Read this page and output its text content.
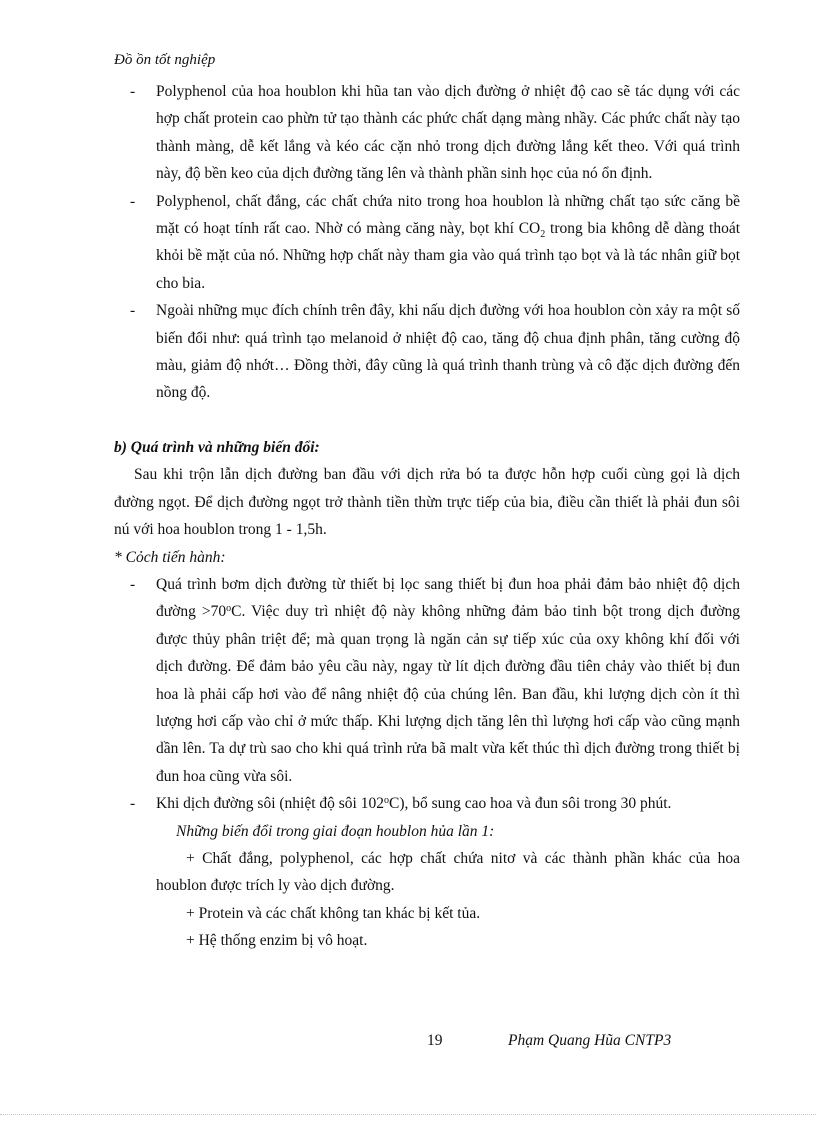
Đồ ồn tốt nghiệp
- Polyphenol của hoa houblon khi hũa tan vào dịch đường ở nhiệt độ cao sẽ tác dụng với các hợp chất protein cao phừn tử tạo thành các phức chất dạng màng nhầy. Các phức chất này tạo thành màng, dễ kết lắng và kéo các cặn nhỏ trong dịch đường lắng kết theo. Với quá trình này, độ bền keo của dịch đường tăng lên và thành phần sinh học của nó ổn định.
- Polyphenol, chất đắng, các chất chứa nito trong hoa houblon là những chất tạo sức căng bề mặt có hoạt tính rất cao. Nhờ có màng căng này, bọt khí $CO_2$ trong bia không dễ dàng thoát khỏi bề mặt của nó. Những hợp chất này tham gia vào quá trình tạo bọt và là tác nhân giữ bọt cho bia.
- Ngoài những mục đích chính trên đây, khi nấu dịch đường với hoa houblon còn xảy ra một số biến đổi như: quá trình tạo melanoid ở nhiệt độ cao, tăng độ chua định phân, tăng cường độ màu, giảm độ nhớt… Đồng thời, đây cũng là quá trình thanh trùng và cô đặc dịch đường đến nồng độ.
b) Quá trình và những biến đổi:
Sau khi trộn lẫn dịch đường ban đầu với dịch rửa bó ta được hỗn hợp cuối cùng gọi là dịch đường ngọt. Để dịch đường ngọt trở thành tiền thừn trực tiếp của bia, điều cần thiết là phải đun sôi nú với hoa houblon trong 1 - 1,5h.
* Cỏch tiến hành:
- Quá trình bơm dịch đường từ thiết bị lọc sang thiết bị đun hoa phải đảm bảo nhiệt độ dịch đường $>70^oC$. Việc duy trì nhiệt độ này không những đảm bảo tinh bột trong dịch đường được thủy phân triệt để; mà quan trọng là ngăn cản sự tiếp xúc của oxy không khí đối với dịch đường. Để đảm bảo yêu cầu này, ngay từ lít dịch đường đầu tiên chảy vào thiết bị đun hoa là phải cấp hơi vào để nâng nhiệt độ của chúng lên. Ban đầu, khi lượng dịch còn ít thì lượng hơi cấp vào chỉ ở mức thấp. Khi lượng dịch tăng lên thì lượng hơi cấp vào cũng mạnh dần lên. Ta dự trù sao cho khi quá trình rửa bã malt vừa kết thúc thì dịch đường trong thiết bị đun hoa cũng vừa sôi.
- Khi dịch đường sôi (nhiệt độ sôi 102$^o$C), bổ sung cao hoa và đun sôi trong 30 phút.
Những biến đổi trong giai đoạn houblon hủa lần 1:
+ Chất đắng, polyphenol, các hợp chất chứa nitơ và các thành phần khác của hoa houblon được trích ly vào dịch đường.
+ Protein và các chất không tan khác bị kết tủa.
+ Hệ thống enzim bị vô hoạt.
19	Phạm Quang Hũa CNTP3
